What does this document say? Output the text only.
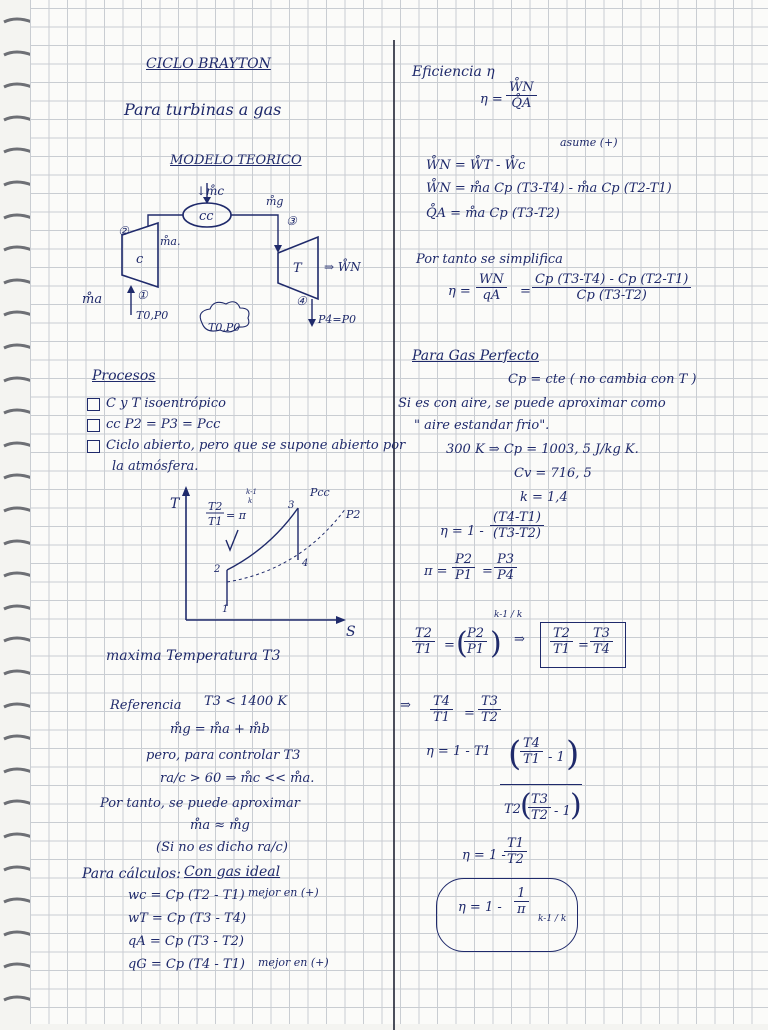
CICLO BRAYTON
Para turbinas a gas
MODELO TEORICO
↓m̊c
cc
c
T ⇒ W̊N
m̊g
m̊a.
m̊a	①
②
③
④
T0,P0
T0,P0
P4=P0
Procesos
C y T isoentrópico
cc P2 = P3 = Pcc
Ciclo abierto, pero que se supone abierto por
la atmósfera.
T
S
T2
T1 = π
k-1
k
Pcc
P2
1
2
3
4
maxima Temperatura T3
Referencia T3 < 1400 K
m̊g = m̊a + m̊b
pero, para controlar T3
ra/c > 60 ⇒ m̊c << m̊a.
Por tanto, se puede aproximar
m̊a ≈ m̊g
(Si no es dicho ra/c)
Para cálculos: Con gas ideal
wc = Cp (T2 - T1) mejor en (+)
wT = Cp (T3 - T4)
qA = Cp (T3 - T2)
qG = Cp (T4 - T1) mejor en (+)
Eficiencia η
$\eta = \frac{W̊N}{Q̊A}$
asume (+)
W̊N = W̊T - W̊c
W̊N = m̊a Cp (T3-T4) - m̊a Cp (T2-T1)
Q̊A = m̊a Cp (T3-T2)
Por tanto se simplifica
$\eta = \frac{WN}{qA} = \frac{Cp (T3-T4) - Cp (T2-T1)}{Cp (T3-T2)}$
Para Gas Perfecto
Cp = cte ( no cambia con T )
Si es con aire, se puede aproximar como
" aire estandar frio".
300 K ⇒ Cp = 1003, 5 J/kg K.
Cv = 716, 5
k = 1,4
$\eta = 1 - \frac{(T4-T1)}{(T3-T2)}$
$\pi = \frac{P2}{P1} = \frac{P3}{P4}$
$\frac{T2}{T1}$ = (
$\frac{P2}{P1}$ )
k-1 / k
⇒ $\frac{T2}{T1} = \frac{T3}{T4}$
⇒ $\frac{T4}{T1} = \frac{T3}{T2}$
η = 1 - T1 (
$\frac{T4}{T1} - 1$ )
T2 (
$\frac{T3}{T2} - 1$ )
η = 1 -
$\frac{T1}{T2}$
$\eta = 1 - \frac{1}{\pi}$
k-1 / k
